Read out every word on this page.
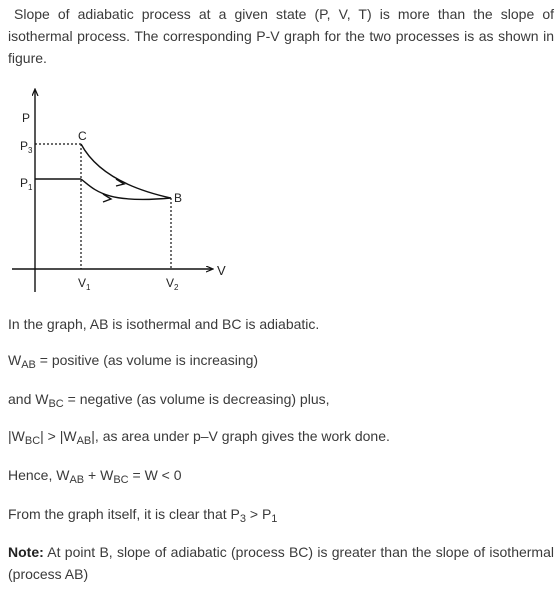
Slope of adiabatic process at a given state (P, V, T) is more than the slope of isothermal process. The corresponding P-V graph for the two processes is as shown in figure.

P
V
$P_3$
$P_1$
C
B
$V_1$	$V_2$

In the graph, AB is isothermal and BC is adiabatic.

$W_{AB}$ = positive (as volume is increasing)

and $W_{BC}$ = negative (as volume is decreasing) plus,

$|W_{BC}| > |W_{AB}|$, as area under p–V graph gives the work done.

Hence, $W_{AB} + W_{BC} = W < 0$

From the graph itself, it is clear that $P_3 > P_1$

Note: At point B, slope of adiabatic (process BC) is greater than the slope of isothermal (process AB)
